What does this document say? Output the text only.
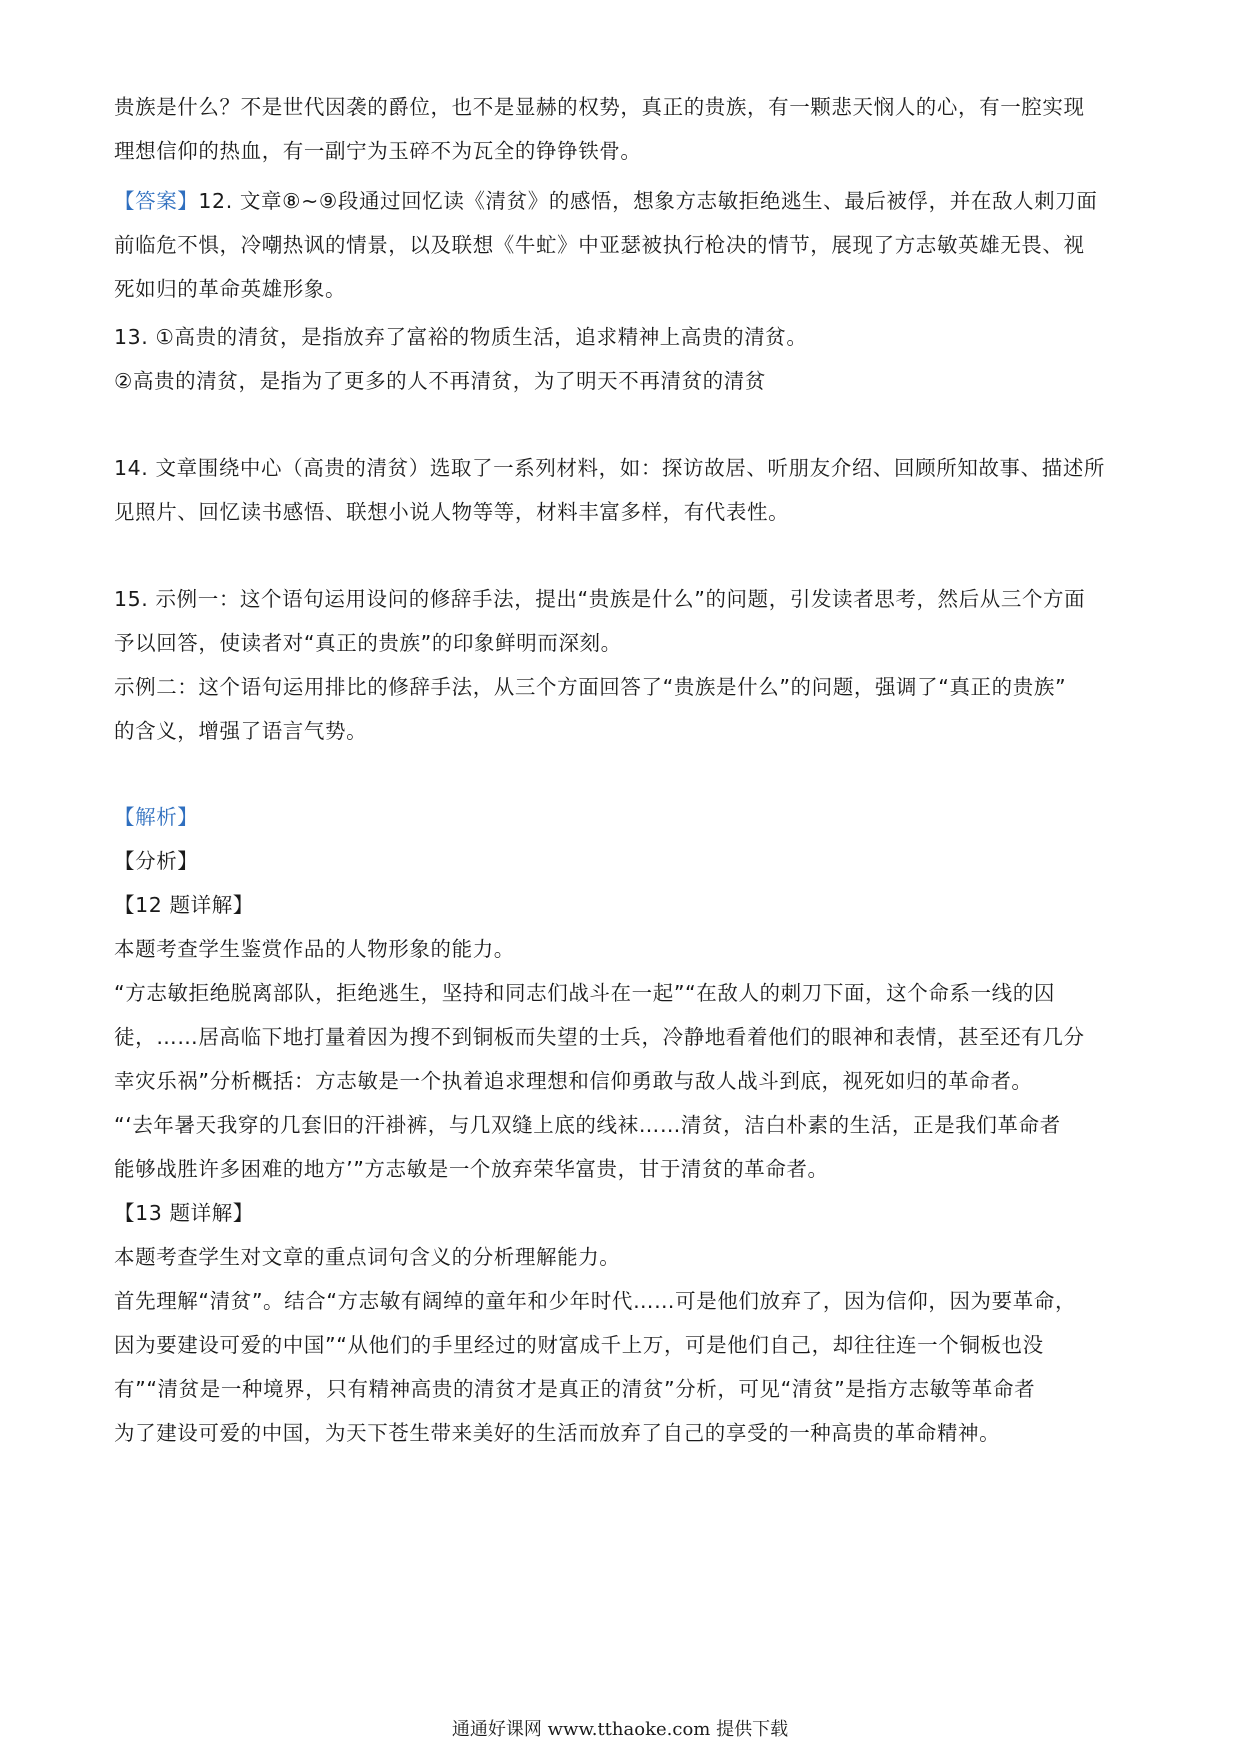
贵族是什么？不是世代因袭的爵位，也不是显赫的权势，真正的贵族，有一颗悲天悯人的心，有一腔实现
理想信仰的热血，有一副宁为玉碎不为瓦全的铮铮铁骨。
【答案】12. 文章⑧~⑨段通过回忆读《清贫》的感悟，想象方志敏拒绝逃生、最后被俘，并在敌人刺刀面
前临危不惧，冷嘲热讽的情景，以及联想《牛虻》中亚瑟被执行枪决的情节，展现了方志敏英雄无畏、视
死如归的革命英雄形象。
13. ①高贵的清贫，是指放弃了富裕的物质生活，追求精神上高贵的清贫。
②高贵的清贫，是指为了更多的人不再清贫，为了明天不再清贫的清贫
14. 文章围绕中心（高贵的清贫）选取了一系列材料，如：探访故居、听朋友介绍、回顾所知故事、描述所
见照片、回忆读书感悟、联想小说人物等等，材料丰富多样，有代表性。
15. 示例一：这个语句运用设问的修辞手法，提出“贵族是什么”的问题，引发读者思考，然后从三个方面
予以回答，使读者对“真正的贵族”的印象鲜明而深刻。
示例二：这个语句运用排比的修辞手法，从三个方面回答了“贵族是什么”的问题，强调了“真正的贵族”
的含义，增强了语言气势。
【解析】
【分析】
【12 题详解】
本题考查学生鉴赏作品的人物形象的能力。
“方志敏拒绝脱离部队，拒绝逃生，坚持和同志们战斗在一起”“在敌人的刺刀下面，这个命系一线的囚
徒，……居高临下地打量着因为搜不到铜板而失望的士兵，冷静地看着他们的眼神和表情，甚至还有几分
幸灾乐祸”分析概括：方志敏是一个执着追求理想和信仰勇敢与敌人战斗到底，视死如归的革命者。
“‘去年暑天我穿的几套旧的汗褂裤，与几双缝上底的线袜……清贫，洁白朴素的生活，正是我们革命者
能够战胜许多困难的地方’”方志敏是一个放弃荣华富贵，甘于清贫的革命者。
【13 题详解】
本题考查学生对文章的重点词句含义的分析理解能力。
首先理解“清贫”。结合“方志敏有阔绰的童年和少年时代……可是他们放弃了，因为信仰，因为要革命，
因为要建设可爱的中国”“从他们的手里经过的财富成千上万，可是他们自己，却往往连一个铜板也没
有”“清贫是一种境界，只有精神高贵的清贫才是真正的清贫”分析，可见“清贫”是指方志敏等革命者
为了建设可爱的中国，为天下苍生带来美好的生活而放弃了自己的享受的一种高贵的革命精神。
通通好课网 www.tthaoke.com 提供下载
